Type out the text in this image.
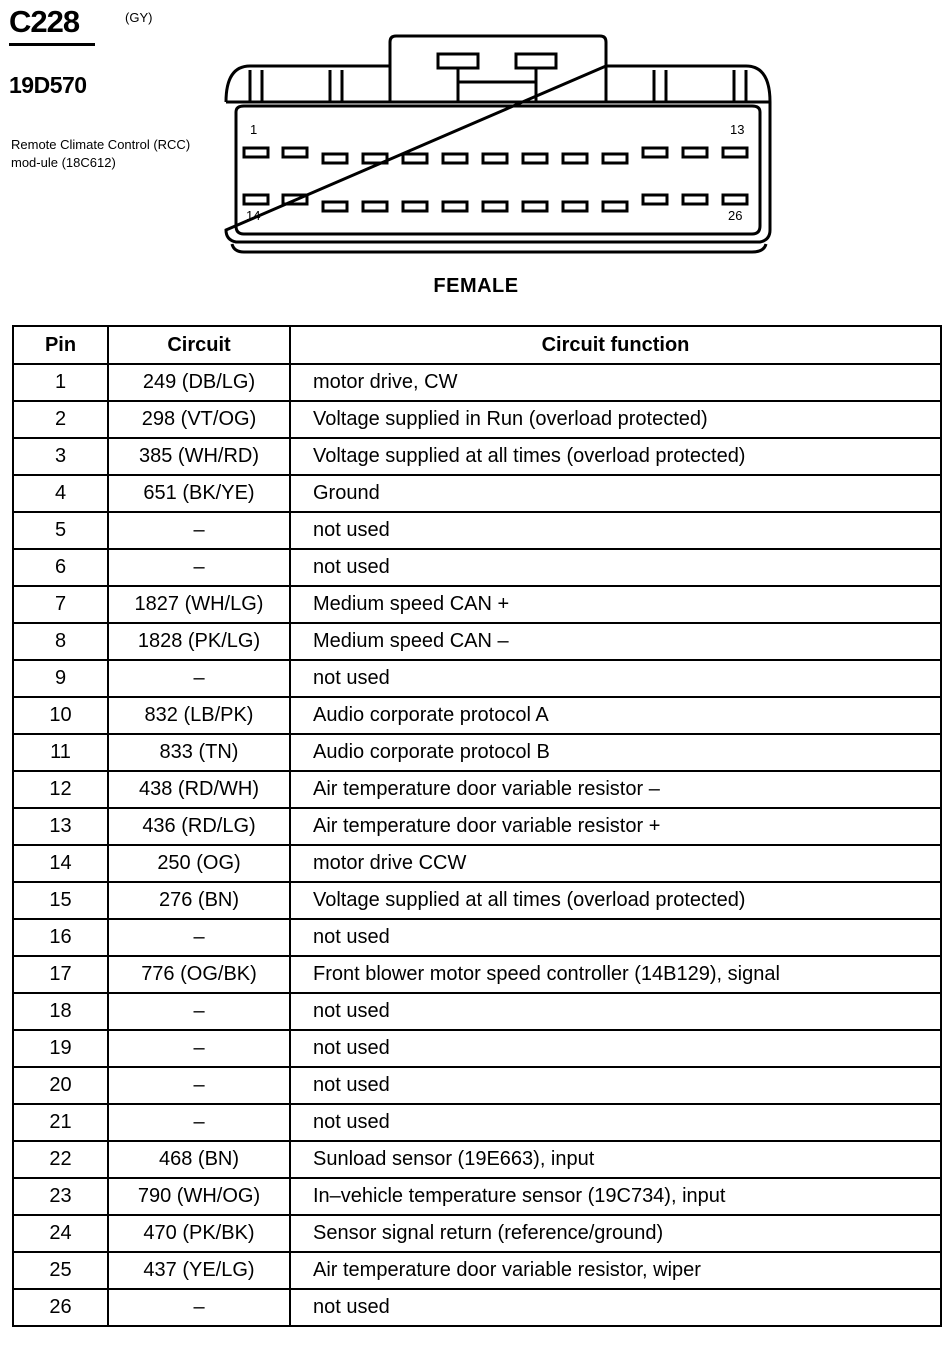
C228	(GY)
19D570
Remote Climate Control (RCC) mod-ule (18C612)
1	13
14	26
FEMALE
Pin	Circuit	Circuit function
1	249 (DB/LG)	motor drive, CW
2	298 (VT/OG)	Voltage supplied in Run (overload protected)
3	385 (WH/RD)	Voltage supplied at all times (overload protected)
4	651 (BK/YE)	Ground
5	–	not used
6	–	not used
7	1827 (WH/LG)	Medium speed CAN +
8	1828 (PK/LG)	Medium speed CAN –
9	–	not used
10	832 (LB/PK)	Audio corporate protocol A
11	833 (TN)	Audio corporate protocol B
12	438 (RD/WH)	Air temperature door variable resistor –
13	436 (RD/LG)	Air temperature door variable resistor +
14	250 (OG)	motor drive CCW
15	276 (BN)	Voltage supplied at all times (overload protected)
16	–	not used
17	776 (OG/BK)	Front blower motor speed controller (14B129), signal
18	–	not used
19	–	not used
20	–	not used
21	–	not used
22	468 (BN)	Sunload sensor (19E663), input
23	790 (WH/OG)	In–vehicle temperature sensor (19C734), input
24	470 (PK/BK)	Sensor signal return (reference/ground)
25	437 (YE/LG)	Air temperature door variable resistor, wiper
26	–	not used
